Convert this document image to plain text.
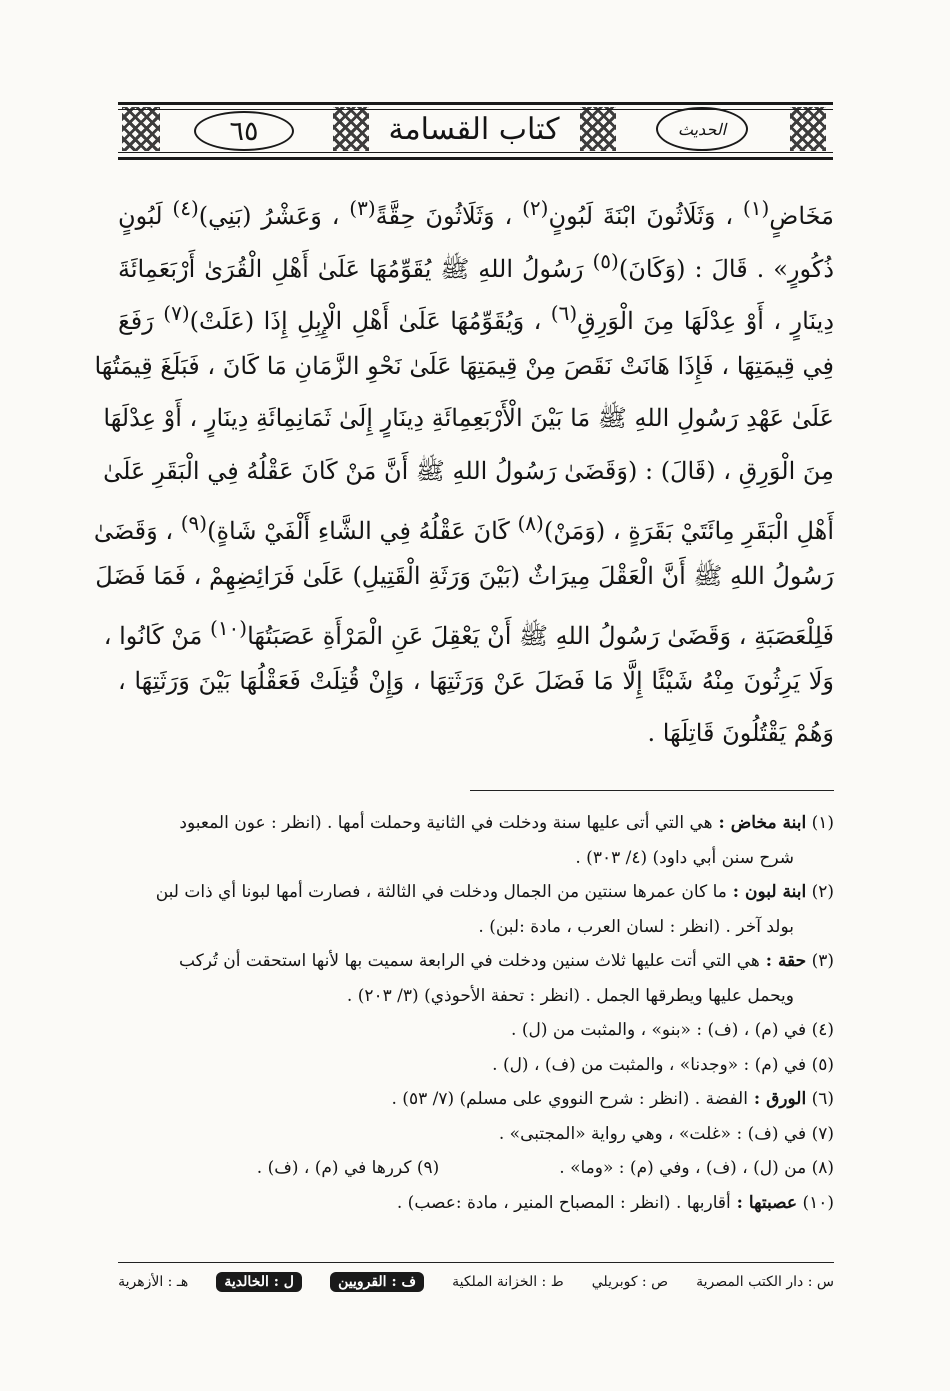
٦٥	كتاب القسامة	الحديث
مَخَاضٍ$^{(١)}$ ، وَثَلَاثُونَ ابْنَةَ لَبُونٍ$^{(٢)}$ ، وَثَلَاثُونَ حِقَّةً$^{(٣)}$ ، وَعَشْرُ (بَنِي)$^{(٤)}$ لَبُونٍ
ذُكُورٍ» . قَالَ : (وَكَانَ)$^{(٥)}$ رَسُولُ اللهِ ﷺ يُقَوِّمُهَا عَلَىٰ أَهْلِ الْقُرَىٰ أَرْبَعَمِائَةَ
دِينَارٍ ، أَوْ عِدْلَهَا مِنَ الْوَرِقِ$^{(٦)}$ ، وَيُقَوِّمُهَا عَلَىٰ أَهْلِ الْإِبِلِ إِذَا (عَلَتْ)$^{(٧)}$ رَفَعَ
فِي قِيمَتِهَا ، فَإِذَا هَانَتْ نَقَصَ مِنْ قِيمَتِهَا عَلَىٰ نَحْوِ الزَّمَانِ مَا كَانَ ، فَبَلَغَ قِيمَتُهَا
عَلَىٰ عَهْدِ رَسُولِ اللهِ ﷺ مَا بَيْنَ الْأَرْبَعِمِائَةِ دِينَارٍ إِلَىٰ ثَمَانِمِائَةِ دِينَارٍ ، أَوْ عِدْلَهَا
مِنَ الْوَرِقِ ، (قَالَ) : (وَقَضَىٰ رَسُولُ اللهِ ﷺ أَنَّ مَنْ كَانَ عَقْلُهُ فِي الْبَقَرِ عَلَىٰ
أَهْلِ الْبَقَرِ مِائَتَيْ بَقَرَةٍ ، (وَمَنْ)$^{(٨)}$ كَانَ عَقْلُهُ فِي الشَّاءِ أَلْفَيْ شَاةٍ)$^{(٩)}$ ، وَقَضَىٰ
رَسُولُ اللهِ ﷺ أَنَّ الْعَقْلَ مِيرَاثٌ (بَيْنَ وَرَثَةِ الْقَتِيلِ) عَلَىٰ فَرَائِضِهِمْ ، فَمَا فَضَلَ
فَلِلْعَصَبَةِ ، وَقَضَىٰ رَسُولُ اللهِ ﷺ أَنْ يَعْقِلَ عَنِ الْمَرْأَةِ عَصَبَتُهَا$^{(١٠)}$ مَنْ كَانُوا ،
وَلَا يَرِثُونَ مِنْهُ شَيْئًا إِلَّا مَا فَضَلَ عَنْ وَرَثَتِهَا ، وَإِنْ قُتِلَتْ فَعَقْلُهَا بَيْنَ وَرَثَتِهَا ،
وَهُمْ يَقْتُلُونَ قَاتِلَهَا .
(١) ابنة مخاض : هي التي أتى عليها سنة ودخلت في الثانية وحملت أمها . (انظر : عون المعبود
شرح سنن أبي داود) (٤/ ٣٠٣) .
(٢) ابنة لبون : ما كان عمرها سنتين من الجمال ودخلت في الثالثة ، فصارت أمها لبونا أي ذات لبن
بولد آخر . (انظر : لسان العرب ، مادة :لبن) .
(٣) حقة : هي التي أتت عليها ثلاث سنين ودخلت في الرابعة سميت بها لأنها استحقت أن تُركب
ويحمل عليها ويطرقها الجمل . (انظر : تحفة الأحوذي) (٣/ ٢٠٣) .
(٤) في (م) ، (ف) : «بنو» ، والمثبت من (ل) .
(٥) في (م) : «وجدنا» ، والمثبت من (ف) ، (ل) .
(٦) الورق : الفضة . (انظر : شرح النووي على مسلم) (٧/ ٥٣) .
(٧) في (ف) : «غلت» ، وهي رواية «المجتبى» .
(٨) من (ل) ، (ف) ، وفي (م) : «وما» .
(٩) كررها في (م) ، (ف) .
(١٠) عصبتها : أقاربها . (انظر : المصباح المنير ، مادة :عصب) .
س : دار الكتب المصرية
ص : كوبريلي
ط : الخزانة الملكية
ف : القرويين
ل : الخالدية
هـ : الأزهرية
